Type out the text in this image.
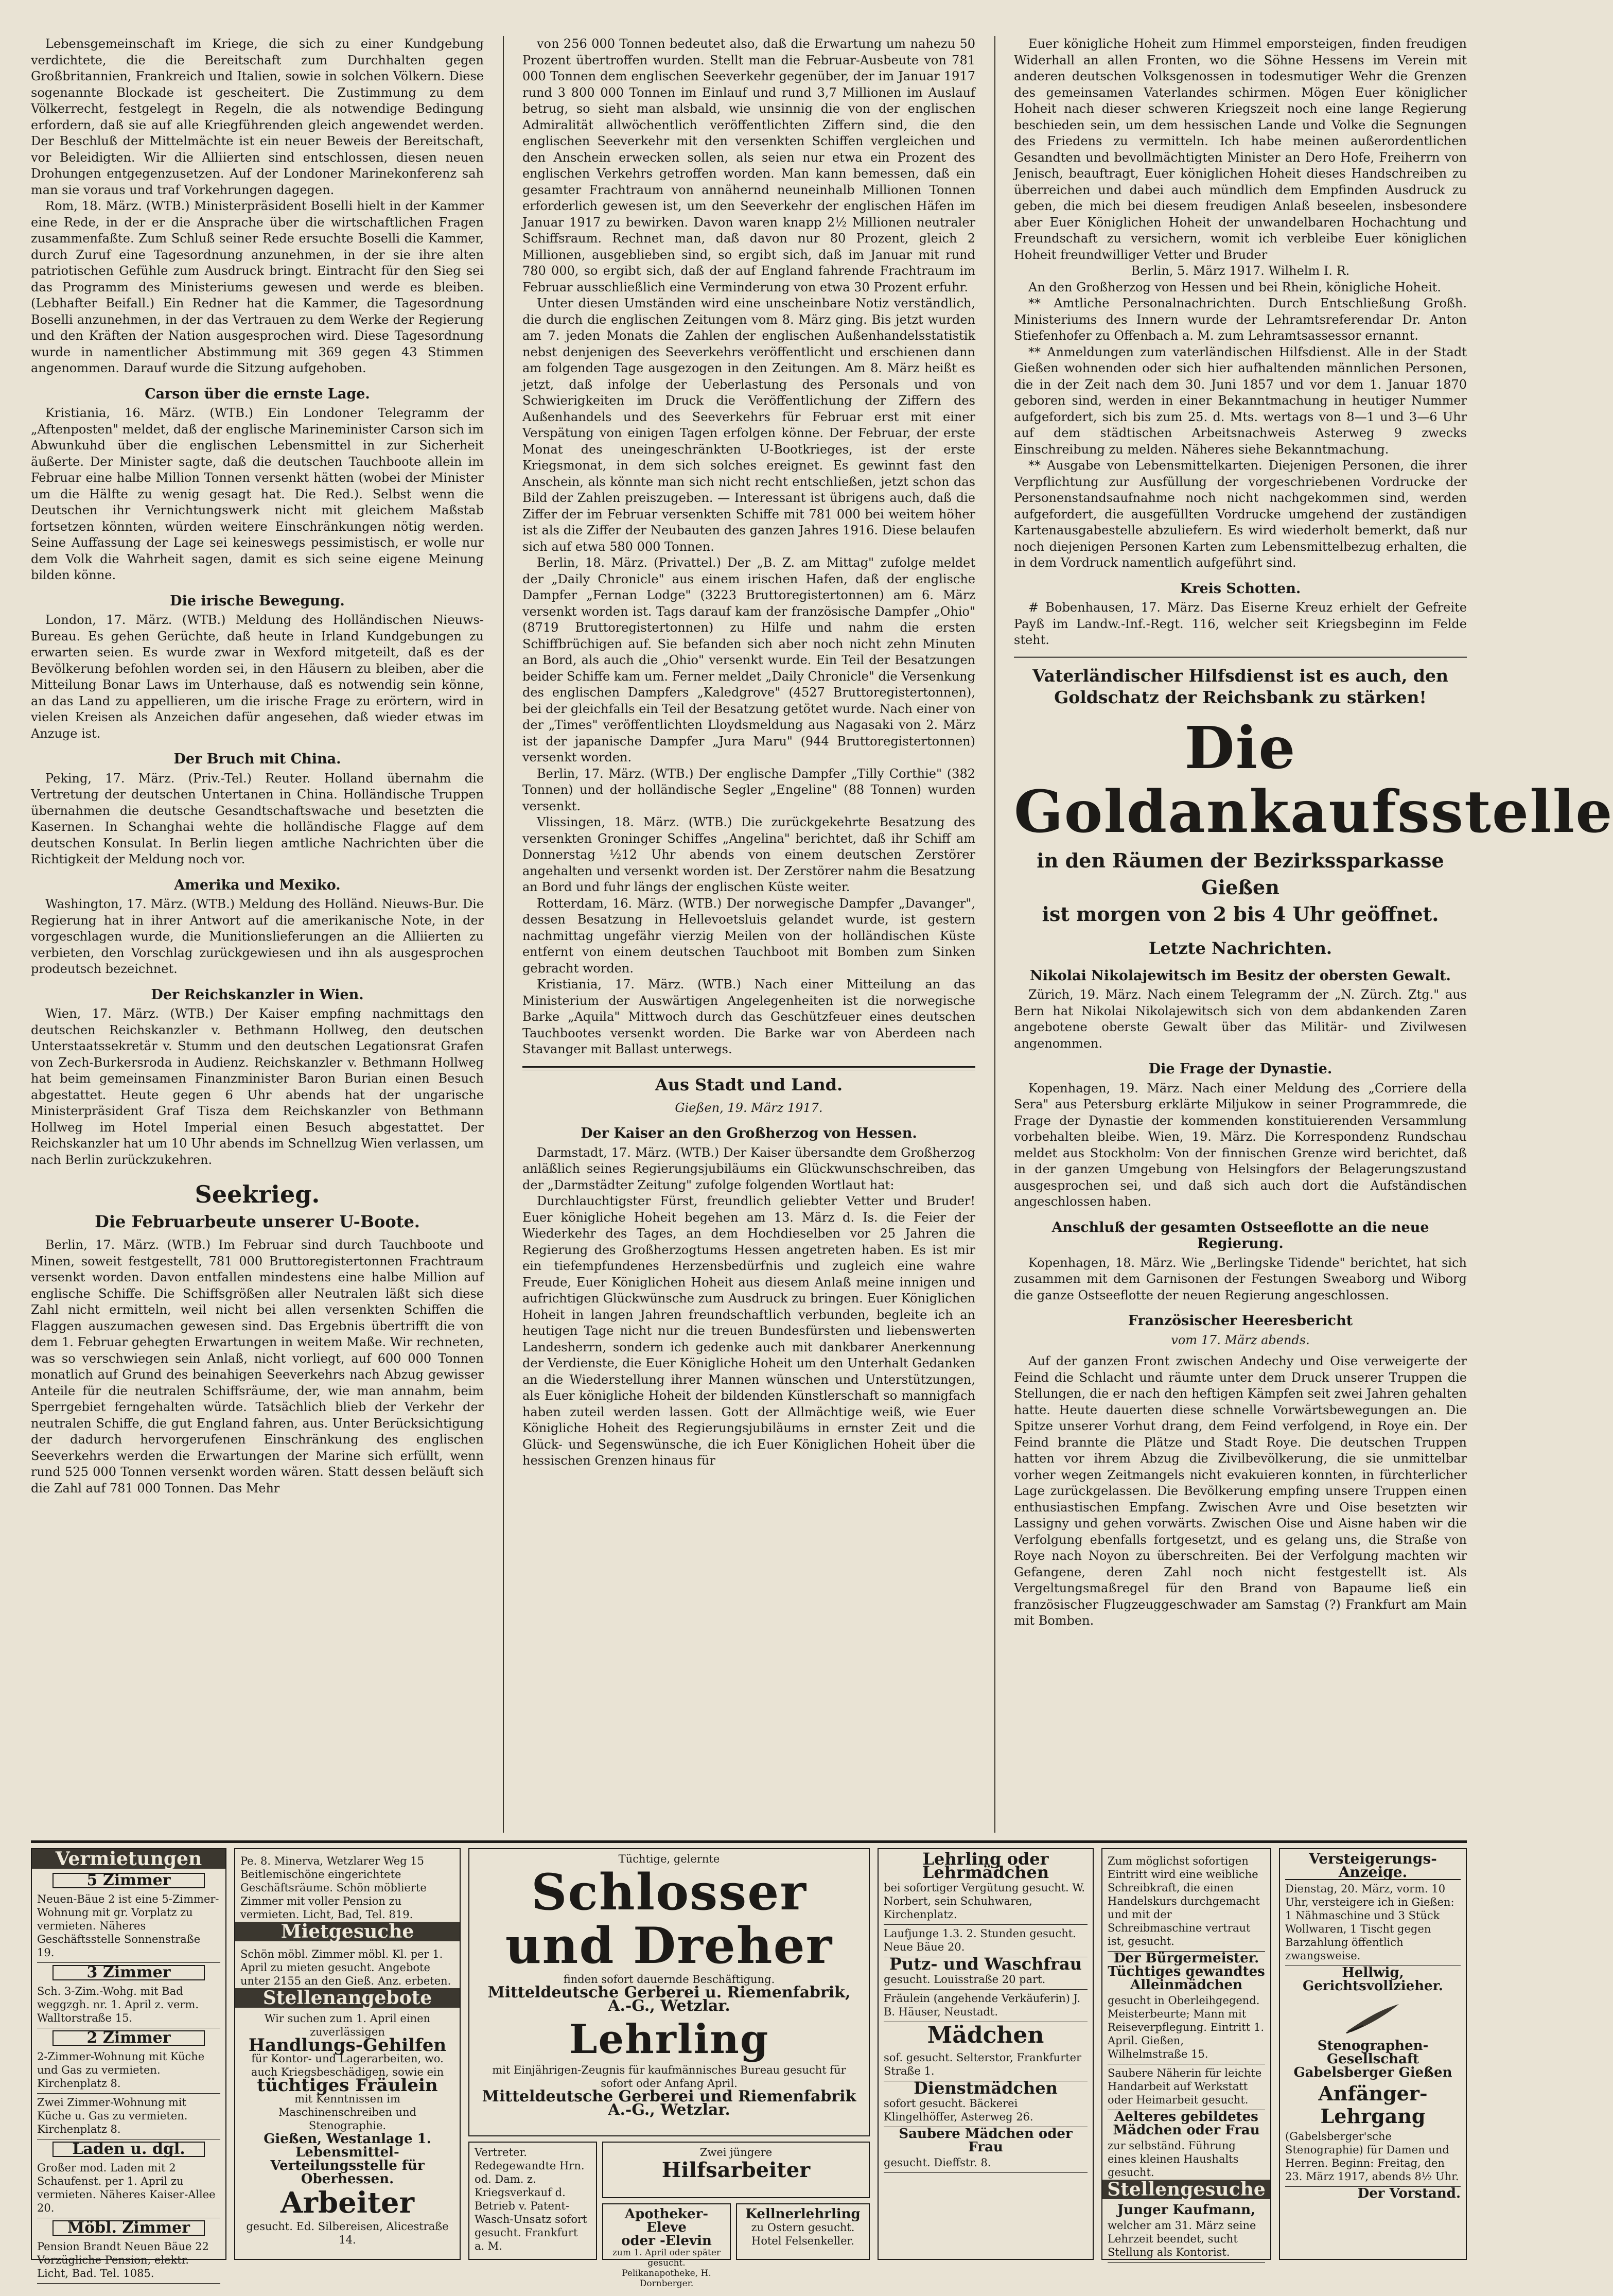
Lebensgemeinschaft im Kriege, die sich zu einer Kundgebung verdichtete, die die Bereitschaft zum Durchhalten gegen Großbritannien, Frankreich und Italien, sowie in solchen Völkern. Diese sogenannte Blockade ist gescheitert. Die Zustimmung zu dem Völkerrecht, festgelegt in Regeln, die als notwendige Bedingung erfordern, daß sie auf alle Kriegführenden gleich angewendet werden. Der Beschluß der Mittelmächte ist ein neuer Beweis der Bereitschaft, vor Beleidigten. Wir die Alliierten sind entschlossen, diesen neuen Drohungen entgegenzusetzen. Auf der Londoner Marinekonferenz sah man sie voraus und traf Vorkehrungen dagegen.

Rom, 18. März. (WTB.) Ministerpräsident Boselli hielt in der Kammer eine Rede, in der er die Ansprache über die wirtschaftlichen Fragen zusammenfaßte. Zum Schluß seiner Rede ersuchte Boselli die Kammer, durch Zuruf eine Tagesordnung anzunehmen, in der sie ihre alten patriotischen Gefühle zum Ausdruck bringt. Eintracht für den Sieg sei das Programm des Ministeriums gewesen und werde es bleiben. (Lebhafter Beifall.) Ein Redner hat die Kammer, die Tagesordnung Boselli anzunehmen, in der das Vertrauen zu dem Werke der Regierung und den Kräften der Nation ausgesprochen wird. Diese Tagesordnung wurde in namentlicher Abstimmung mit 369 gegen 43 Stimmen angenommen. Darauf wurde die Sitzung aufgehoben.

Carson über die ernste Lage.

Kristiania, 16. März. (WTB.) Ein Londoner Telegramm der „Aftenposten" meldet, daß der englische Marineminister Carson sich im Abwunkuhd über die englischen Lebensmittel in zur Sicherheit äußerte. Der Minister sagte, daß die deutschen Tauchboote allein im Februar eine halbe Million Tonnen versenkt hätten (wobei der Minister um die Hälfte zu wenig gesagt hat. Die Red.). Selbst wenn die Deutschen ihr Vernichtungswerk nicht mit gleichem Maßstab fortsetzen könnten, würden weitere Einschränkungen nötig werden. Seine Auffassung der Lage sei keineswegs pessimistisch, er wolle nur dem Volk die Wahrheit sagen, damit es sich seine eigene Meinung bilden könne.

Die irische Bewegung.

London, 17. März. (WTB.) Meldung des Holländischen Nieuws-Bureau. Es gehen Gerüchte, daß heute in Irland Kundgebungen zu erwarten seien. Es wurde zwar in Wexford mitgeteilt, daß es der Bevölkerung befohlen worden sei, in den Häusern zu bleiben, aber die Mitteilung Bonar Laws im Unterhause, daß es notwendig sein könne, an das Land zu appellieren, um die irische Frage zu erörtern, wird in vielen Kreisen als Anzeichen dafür angesehen, daß wieder etwas im Anzuge ist.

Der Bruch mit China.

Peking, 17. März. (Priv.-Tel.) Reuter. Holland übernahm die Vertretung der deutschen Untertanen in China. Holländische Truppen übernahmen die deutsche Gesandtschaftswache und besetzten die Kasernen. In Schanghai wehte die holländische Flagge auf dem deutschen Konsulat. In Berlin liegen amtliche Nachrichten über die Richtigkeit der Meldung noch vor.

Amerika und Mexiko.

Washington, 17. März. (WTB.) Meldung des Holländ. Nieuws-Bur. Die Regierung hat in ihrer Antwort auf die amerikanische Note, in der vorgeschlagen wurde, die Munitionslieferungen an die Alliierten zu verbieten, den Vorschlag zurückgewiesen und ihn als ausgesprochen prodeutsch bezeichnet.

Der Reichskanzler in Wien.

Wien, 17. März. (WTB.) Der Kaiser empfing nachmittags den deutschen Reichskanzler v. Bethmann Hollweg, den deutschen Unterstaatssekretär v. Stumm und den deutschen Legationsrat Grafen von Zech-Burkersroda in Audienz. Reichskanzler v. Bethmann Hollweg hat beim gemeinsamen Finanzminister Baron Burian einen Besuch abgestattet. Heute gegen 6 Uhr abends hat der ungarische Ministerpräsident Graf Tisza dem Reichskanzler von Bethmann Hollweg im Hotel Imperial einen Besuch abgestattet. Der Reichskanzler hat um 10 Uhr abends im Schnellzug Wien verlassen, um nach Berlin zurückzukehren.

Seekrieg.
Die Februarbeute unserer U-Boote.

Berlin, 17. März. (WTB.) Im Februar sind durch Tauchboote und Minen, soweit festgestellt, 781 000 Bruttoregistertonnen Frachtraum versenkt worden. Davon entfallen mindestens eine halbe Million auf englische Schiffe. Die Schiffsgrößen aller Neutralen läßt sich diese Zahl nicht ermitteln, weil nicht bei allen versenkten Schiffen die Flaggen auszumachen gewesen sind. Das Ergebnis übertrifft die von dem 1. Februar gehegten Erwartungen in weitem Maße. Wir rechneten, was so verschwiegen sein Anlaß, nicht vorliegt, auf 600 000 Tonnen monatlich auf Grund des beinahigen Seeverkehrs nach Abzug gewisser Anteile für die neutralen Schiffsräume, der, wie man annahm, beim Sperrgebiet ferngehalten würde. Tatsächlich blieb der Verkehr der neutralen Schiffe, die gut England fahren, aus. Unter Berücksichtigung der dadurch hervorgerufenen Einschränkung des englischen Seeverkehrs werden die Erwartungen der Marine sich erfüllt, wenn rund 525 000 Tonnen versenkt worden wären. Statt dessen beläuft sich die Zahl auf 781 000 Tonnen. Das Mehr

von 256 000 Tonnen bedeutet also, daß die Erwartung um nahezu 50 Prozent übertroffen wurden. Stellt man die Februar-Ausbeute von 781 000 Tonnen dem englischen Seeverkehr gegenüber, der im Januar 1917 rund 3 800 000 Tonnen im Einlauf und rund 3,7 Millionen im Auslauf betrug, so sieht man alsbald, wie unsinnig die von der englischen Admiralität allwöchentlich veröffentlichten Ziffern sind, die den englischen Seeverkehr mit den versenkten Schiffen vergleichen und den Anschein erwecken sollen, als seien nur etwa ein Prozent des englischen Verkehrs getroffen worden. Man kann bemessen, daß ein gesamter Frachtraum von annähernd neuneinhalb Millionen Tonnen erforderlich gewesen ist, um den Seeverkehr der englischen Häfen im Januar 1917 zu bewirken. Davon waren knapp 2½ Millionen neutraler Schiffsraum. Rechnet man, daß davon nur 80 Prozent, gleich 2 Millionen, ausgeblieben sind, so ergibt sich, daß im Januar mit rund 780 000, so ergibt sich, daß der auf England fahrende Frachtraum im Februar ausschließlich eine Verminderung von etwa 30 Prozent erfuhr.

Unter diesen Umständen wird eine unscheinbare Notiz verständlich, die durch die englischen Zeitungen vom 8. März ging. Bis jetzt wurden am 7. jeden Monats die Zahlen der englischen Außenhandelsstatistik nebst denjenigen des Seeverkehrs veröffentlicht und erschienen dann am folgenden Tage ausgezogen in den Zeitungen. Am 8. März heißt es jetzt, daß infolge der Ueberlastung des Personals und von Schwierigkeiten im Druck die Veröffentlichung der Ziffern des Außenhandels und des Seeverkehrs für Februar erst mit einer Verspätung von einigen Tagen erfolgen könne. Der Februar, der erste Monat des uneingeschränkten U-Bootkrieges, ist der erste Kriegsmonat, in dem sich solches ereignet. Es gewinnt fast den Anschein, als könnte man sich nicht recht entschließen, jetzt schon das Bild der Zahlen preiszugeben. — Interessant ist übrigens auch, daß die Ziffer der im Februar versenkten Schiffe mit 781 000 bei weitem höher ist als die Ziffer der Neubauten des ganzen Jahres 1916. Diese belaufen sich auf etwa 580 000 Tonnen.

Berlin, 18. März. (Privattel.) Der „B. Z. am Mittag" zufolge meldet der „Daily Chronicle" aus einem irischen Hafen, daß der englische Dampfer „Fernan Lodge" (3223 Bruttoregistertonnen) am 6. März versenkt worden ist. Tags darauf kam der französische Dampfer „Ohio" (8719 Bruttoregistertonnen) zu Hilfe und nahm die ersten Schiffbrüchigen auf. Sie befanden sich aber noch nicht zehn Minuten an Bord, als auch die „Ohio" versenkt wurde. Ein Teil der Besatzungen beider Schiffe kam um. Ferner meldet „Daily Chronicle" die Versenkung des englischen Dampfers „Kaledgrove" (4527 Bruttoregistertonnen), bei der gleichfalls ein Teil der Besatzung getötet wurde. Nach einer von der „Times" veröffentlichten Lloydsmeldung aus Nagasaki von 2. März ist der japanische Dampfer „Jura Maru" (944 Bruttoregistertonnen) versenkt worden.

Berlin, 17. März. (WTB.) Der englische Dampfer „Tilly Corthie" (382 Tonnen) und der holländische Segler „Engeline" (88 Tonnen) wurden versenkt.

Vlissingen, 18. März. (WTB.) Die zurückgekehrte Besatzung des versenkten Groninger Schiffes „Angelina" berichtet, daß ihr Schiff am Donnerstag ½12 Uhr abends von einem deutschen Zerstörer angehalten und versenkt worden ist. Der Zerstörer nahm die Besatzung an Bord und fuhr längs der englischen Küste weiter.

Rotterdam, 16. März. (WTB.) Der norwegische Dampfer „Davanger", dessen Besatzung in Hellevoetsluis gelandet wurde, ist gestern nachmittag ungefähr vierzig Meilen von der holländischen Küste entfernt von einem deutschen Tauchboot mit Bomben zum Sinken gebracht worden.

Kristiania, 17. März. (WTB.) Nach einer Mitteilung an das Ministerium der Auswärtigen Angelegenheiten ist die norwegische Barke „Aquila" Mittwoch durch das Geschützfeuer eines deutschen Tauchbootes versenkt worden. Die Barke war von Aberdeen nach Stavanger mit Ballast unterwegs.

Aus Stadt und Land.
Gießen, 19. März 1917.
Der Kaiser an den Großherzog von Hessen.

Darmstadt, 17. März. (WTB.) Der Kaiser übersandte dem Großherzog anläßlich seines Regierungsjubiläums ein Glückwunschschreiben, das der „Darmstädter Zeitung" zufolge folgenden Wortlaut hat:

Durchlauchtigster Fürst, freundlich geliebter Vetter und Bruder! Euer königliche Hoheit begehen am 13. März d. Is. die Feier der Wiederkehr des Tages, an dem Hochdieselben vor 25 Jahren die Regierung des Großherzogtums Hessen angetreten haben. Es ist mir ein tiefempfundenes Herzensbedürfnis und zugleich eine wahre Freude, Euer Königlichen Hoheit aus diesem Anlaß meine innigen und aufrichtigen Glückwünsche zum Ausdruck zu bringen. Euer Königlichen Hoheit in langen Jahren freundschaftlich verbunden, begleite ich an heutigen Tage nicht nur die treuen Bundesfürsten und liebenswerten Landesherrn, sondern ich gedenke auch mit dankbarer Anerkennung der Verdienste, die Euer Königliche Hoheit um den Unterhalt Gedanken an die Wiederstellung ihrer Mannen wünschen und Unterstützungen, als Euer königliche Hoheit der bildenden Künstlerschaft so mannigfach haben zuteil werden lassen. Gott der Allmächtige weiß, wie Euer Königliche Hoheit des Regierungsjubiläums in ernster Zeit und die Glück- und Segenswünsche, die ich Euer Königlichen Hoheit über die hessischen Grenzen hinaus für

Euer königliche Hoheit zum Himmel emporsteigen, finden freudigen Widerhall an allen Fronten, wo die Söhne Hessens im Verein mit anderen deutschen Volksgenossen in todesmutiger Wehr die Grenzen des gemeinsamen Vaterlandes schirmen. Mögen Euer königlicher Hoheit nach dieser schweren Kriegszeit noch eine lange Regierung beschieden sein, um dem hessischen Lande und Volke die Segnungen des Friedens zu vermitteln. Ich habe meinen außerordentlichen Gesandten und bevollmächtigten Minister an Dero Hofe, Freiherrn von Jenisch, beauftragt, Euer königlichen Hoheit dieses Handschreiben zu überreichen und dabei auch mündlich dem Empfinden Ausdruck zu geben, die mich bei diesem freudigen Anlaß beseelen, insbesondere aber Euer Königlichen Hoheit der unwandelbaren Hochachtung und Freundschaft zu versichern, womit ich verbleibe Euer königlichen Hoheit freundwilliger Vetter und Bruder

Berlin, 5. März 1917. Wilhelm I. R.

An den Großherzog von Hessen und bei Rhein, königliche Hoheit.

** Amtliche Personalnachrichten. Durch Entschließung Großh. Ministeriums des Innern wurde der Lehramtsreferendar Dr. Anton Stiefenhofer zu Offenbach a. M. zum Lehramtsassessor ernannt.

** Anmeldungen zum vaterländischen Hilfsdienst. Alle in der Stadt Gießen wohnenden oder sich hier aufhaltenden männlichen Personen, die in der Zeit nach dem 30. Juni 1857 und vor dem 1. Januar 1870 geboren sind, werden in einer Bekanntmachung in heutiger Nummer aufgefordert, sich bis zum 25. d. Mts. wertags von 8—1 und 3—6 Uhr auf dem städtischen Arbeitsnachweis Asterweg 9 zwecks Einschreibung zu melden. Näheres siehe Bekanntmachung.

** Ausgabe von Lebensmittelkarten. Diejenigen Personen, die ihrer Verpflichtung zur Ausfüllung der vorgeschriebenen Vordrucke der Personenstandsaufnahme noch nicht nachgekommen sind, werden aufgefordert, die ausgefüllten Vordrucke umgehend der zuständigen Kartenausgabestelle abzuliefern. Es wird wiederholt bemerkt, daß nur noch diejenigen Personen Karten zum Lebensmittelbezug erhalten, die in dem Vordruck namentlich aufgeführt sind.

Kreis Schotten.

# Bobenhausen, 17. März. Das Eiserne Kreuz erhielt der Gefreite Payß im Landw.-Inf.-Regt. 116, welcher seit Kriegsbeginn im Felde steht.

Vaterländischer Hilfsdienst ist es auch, den Goldschatz der Reichsbank zu stärken!
Die Goldankaufsstelle
in den Räumen der Bezirkssparkasse Gießen
ist morgen von 2 bis 4 Uhr geöffnet.
Letzte Nachrichten.
Nikolai Nikolajewitsch im Besitz der obersten Gewalt.

Zürich, 19. März. Nach einem Telegramm der „N. Zürch. Ztg." aus Bern hat Nikolai Nikolajewitsch sich von dem abdankenden Zaren angebotene oberste Gewalt über das Militär- und Zivilwesen angenommen.

Die Frage der Dynastie.

Kopenhagen, 19. März. Nach einer Meldung des „Corriere della Sera" aus Petersburg erklärte Miljukow in seiner Programmrede, die Frage der Dynastie der kommenden konstituierenden Versammlung vorbehalten bleibe. Wien, 19. März. Die Korrespondenz Rundschau meldet aus Stockholm: Von der finnischen Grenze wird berichtet, daß in der ganzen Umgebung von Helsingfors der Belagerungszustand ausgesprochen sei, und daß sich auch dort die Aufständischen angeschlossen haben.

Anschluß der gesamten Ostseeflotte an die neue Regierung.

Kopenhagen, 18. März. Wie „Berlingske Tidende" berichtet, hat sich zusammen mit dem Garnisonen der Festungen Sweaborg und Wiborg die ganze Ostseeflotte der neuen Regierung angeschlossen.

Französischer Heeresbericht
vom 17. März abends.

Auf der ganzen Front zwischen Andechy und Oise verweigerte der Feind die Schlacht und räumte unter dem Druck unserer Truppen die Stellungen, die er nach den heftigen Kämpfen seit zwei Jahren gehalten hatte. Heute dauerten diese schnelle Vorwärtsbewegungen an. Die Spitze unserer Vorhut drang, dem Feind verfolgend, in Roye ein. Der Feind brannte die Plätze und Stadt Roye. Die deutschen Truppen hatten vor ihrem Abzug die Zivilbevölkerung, die sie unmittelbar vorher wegen Zeitmangels nicht evakuieren konnten, in fürchterlicher Lage zurückgelassen. Die Bevölkerung empfing unsere Truppen einen enthusiastischen Empfang. Zwischen Avre und Oise besetzten wir Lassigny und gehen vorwärts. Zwischen Oise und Aisne haben wir die Verfolgung ebenfalls fortgesetzt, und es gelang uns, die Straße von Roye nach Noyon zu überschreiten. Bei der Verfolgung machten wir Gefangene, deren Zahl noch nicht festgestellt ist. Als Vergeltungsmaßregel für den Brand von Bapaume ließ ein französischer Flugzeuggeschwader am Samstag (?) Frankfurt am Main mit Bomben.

Vermietungen
5 Zimmer
Neuen-Bäue 2 ist eine 5-Zimmer-Wohnung mit gr. Vorplatz zu vermieten. Näheres Geschäftsstelle Sonnenstraße 19.
3 Zimmer
Sch. 3-Zim.-Wohg. mit Bad weggzgh. nr. 1. April z. verm. Walltorstraße 15.
2 Zimmer
2-Zimmer-Wohnung mit Küche und Gas zu vermieten. Kirchenplatz 8.
Zwei Zimmer-Wohnung mit Küche u. Gas zu vermieten. Kirchenplatz 8.
Laden u. dgl.
Großer mod. Laden mit 2 Schaufenst. per 1. April zu vermieten. Näheres Kaiser-Allee 20.
Möbl. Zimmer
Pension Brandt Neuen Bäue 22 Vorzügliche Pension, elektr. Licht, Bad. Tel. 1085.
Pe. 8. Minerva, Wetzlarer Weg 15 Beitlemischöne eingerichtete Geschäftsräume. Schön möblierte Zimmer mit voller Pension zu vermieten. Licht, Bad, Tel. 819.
Mietgesuche
Schön möbl. Zimmer möbl. Kl. per 1. April zu mieten gesucht. Angebote unter 2155 an den Gieß. Anz. erbeten.
Stellenangebote
Wir suchen zum 1. April einen zuverlässigen
Handlungs-Gehilfen
für Kontor- und Lagerarbeiten, wo. auch Kriegsbeschädigen, sowie ein
tüchtiges Fräulein
mit Kenntnissen im Maschinenschreiben und Stenographie.
Gießen, Westanlage 1.
Lebensmittel-Verteilungsstelle für Oberhessen.
Arbeiter
gesucht. Ed. Silbereisen, Alicestraße 14.
Tüchtige, gelernte
Schlosser und Dreher
finden sofort dauernde Beschäftigung.
Mitteldeutsche Gerberei u. Riemenfabrik, A.-G., Wetzlar.
Lehrling
mit Einjährigen-Zeugnis für kaufmännisches Bureau gesucht für sofort oder Anfang April.
Mitteldeutsche Gerberei und Riemenfabrik A.-G., Wetzlar.
Vertreter. Redegewandte Hrn. od. Dam. z. Kriegsverkauf d. Betrieb v. Patent-Wasch-Unsatz sofort gesucht. Frankfurt a. M.
Zwei jüngere
Hilfsarbeiter
Apotheker-Eleve
oder -Elevin
zum 1. April oder später gesucht. Pelikanapotheke, H. Dornberger.
Kellnerlehrling
zu Ostern gesucht. Hotel Felsenkeller.
Lehrling oder Lehrmädchen
bei sofortiger Vergütung gesucht. W. Norbert, sein Schuhwaren, Kirchenplatz.
Laufjunge 1.3. 2. Stunden gesucht. Neue Bäue 20.
Putz- und Waschfrau
gesucht. Louisstraße 20 part.
Fräulein (angehende Verkäuferin) J. B. Häuser, Neustadt.
Mädchen
sof. gesucht. Selterstor, Frankfurter Straße 1.
Dienstmädchen
sofort gesucht. Bäckerei Klingelhöffer, Asterweg 26.
Saubere Mädchen oder Frau
gesucht. Dieffstr. 8.
Zum möglichst sofortigen Eintritt wird eine weibliche Schreibkraft, die einen Handelskurs durchgemacht und mit der Schreibmaschine vertraut ist, gesucht.
Der Bürgermeister.
Tüchtiges gewandtes Alleinmädchen
gesucht in Oberleihgegend. Meisterbeurte; Mann mit Reiseverpflegung. Eintritt 1. April. Gießen, Wilhelmstraße 15.
Saubere Näherin für leichte Handarbeit auf Werkstatt oder Heimarbeit gesucht.
Aelteres gebildetes Mädchen oder Frau
zur selbständ. Führung eines kleinen Haushalts gesucht.
Stellengesuche
Junger Kaufmann,
welcher am 31. März seine Lehrzeit beendet, sucht Stellung als Kontorist.
Versteigerungs-Anzeige.
Dienstag, 20. März, vorm. 10 Uhr, versteigere ich in Gießen: 1 Nähmaschine und 3 Stück Wollwaren, 1 Tischt gegen Barzahlung öffentlich zwangsweise.
Hellwig, Gerichtsvollzieher.
Stenographen-Gesellschaft Gabelsberger Gießen
Anfänger-Lehrgang
(Gabelsberger'sche Stenographie) für Damen und Herren. Beginn: Freitag, den 23. März 1917, abends 8½ Uhr.
Der Vorstand.
